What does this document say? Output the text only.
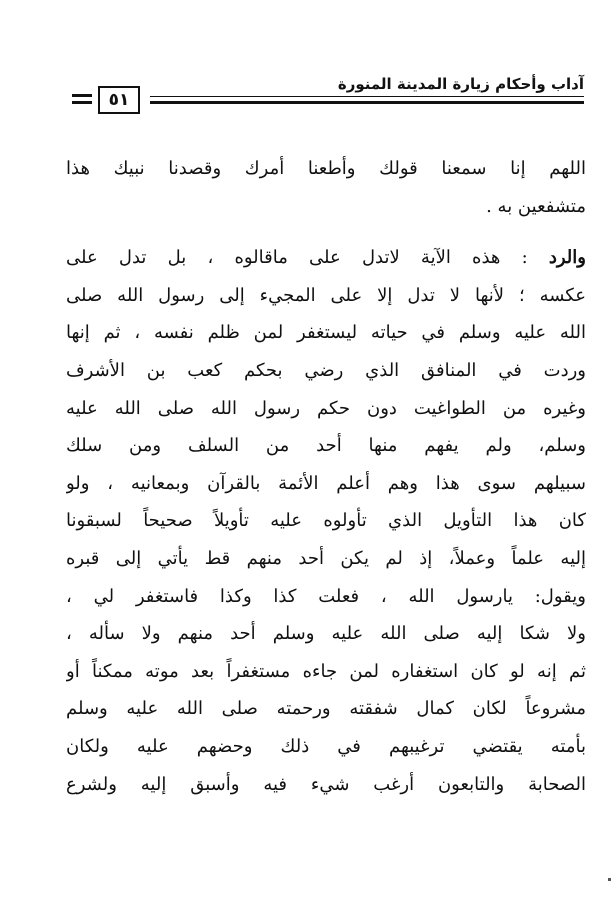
آداب وأحكام زيارة المدينة المنورة
٥١
اللهم إنا سمعنا قولك وأطعنا أمرك وقصدنا نبيك هذا
متشفعين به .
والرد : هذه الآية لاتدل على ماقالوه ، بل تدل على
عكسه ؛ لأنها لا تدل إلا على المجيء إلى رسول الله صلى
الله عليه وسلم في حياته ليستغفر لمن ظلم نفسه ، ثم إنها
وردت في المنافق الذي رضي بحكم كعب بن الأشرف
وغيره من الطواغيت دون حكم رسول الله صلى الله عليه
وسلم، ولم يفهم منها أحد من السلف ومن سلك
سبيلهم سوى هذا وهم أعلم الأئمة بالقرآن وبمعانيه ، ولو
كان هذا التأويل الذي تأولوه عليه تأويلاً صحيحاً لسبقونا
إليه علماً وعملاً، إذ لم يكن أحد منهم قط يأتي إلى قبره
ويقول: يارسول الله ، فعلت كذا وكذا فاستغفر لي ،
ولا شكا إليه صلى الله عليه وسلم أحد منهم ولا سأله ،
ثم إنه لو كان استغفاره لمن جاءه مستغفراً بعد موته ممكناً أو
مشروعاً لكان كمال شفقته ورحمته صلى الله عليه وسلم
بأمته يقتضي ترغيبهم في ذلك وحضهم عليه ولكان
الصحابة والتابعون أرغب شيء فيه وأسبق إليه ولشرع
